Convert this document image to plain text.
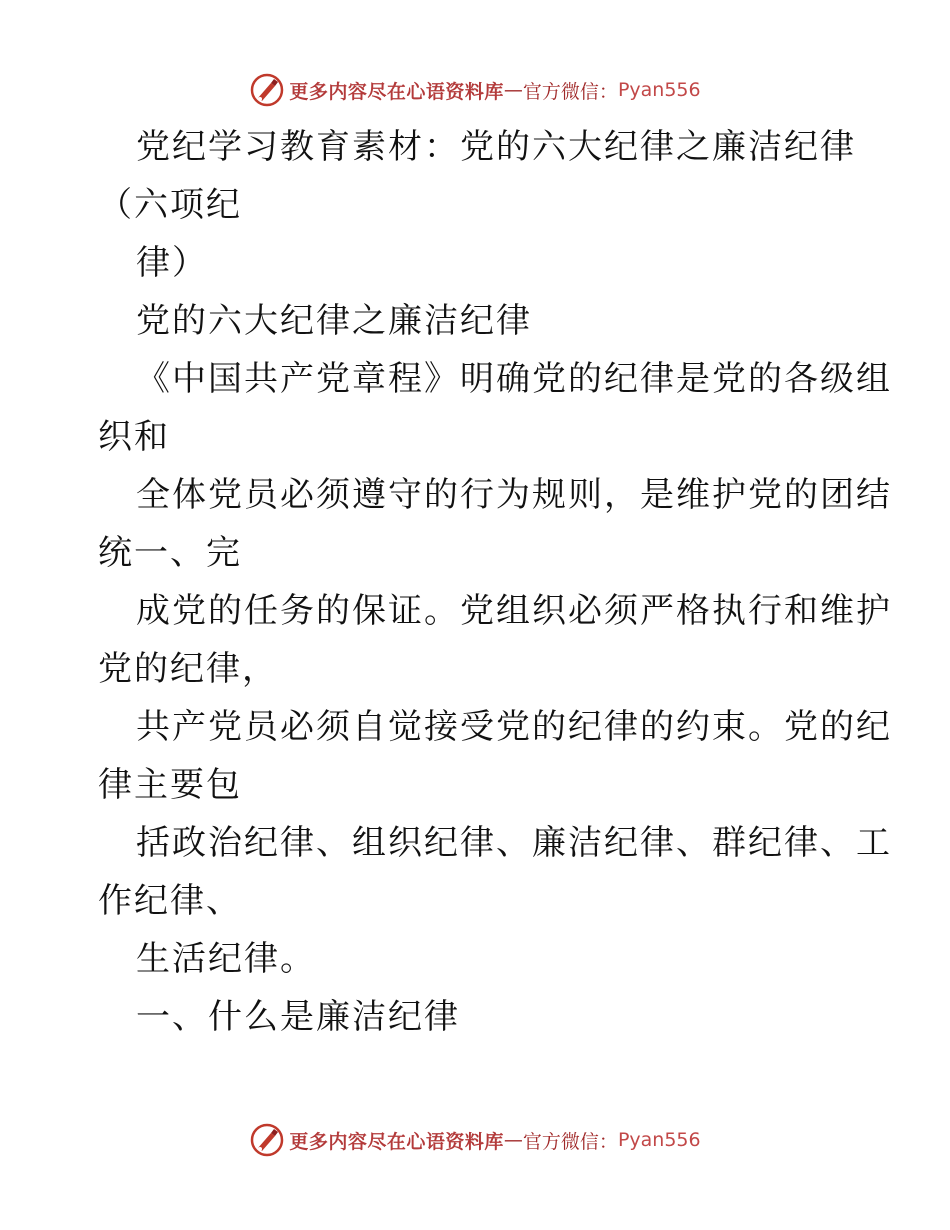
更多内容尽在心语资料库 — 官方微信 ： Pyan556
党纪学习教育素材：党的六大纪律之廉洁纪律
（六项纪
律）
党的六大纪律之廉洁纪律
《中国共产党章程》明确党的纪律是党的各级组
织和
全体党员必须遵守的行为规则，是维护党的团结
统一、完
成党的任务的保证。党组织必须严格执行和维护
党的纪律，
共产党员必须自觉接受党的纪律的约束。党的纪
律主要包
括政治纪律、组织纪律、廉洁纪律、群纪律、工
作纪律、
生活纪律。
一、什么是廉洁纪律
更多内容尽在心语资料库 — 官方微信 ： Pyan556
